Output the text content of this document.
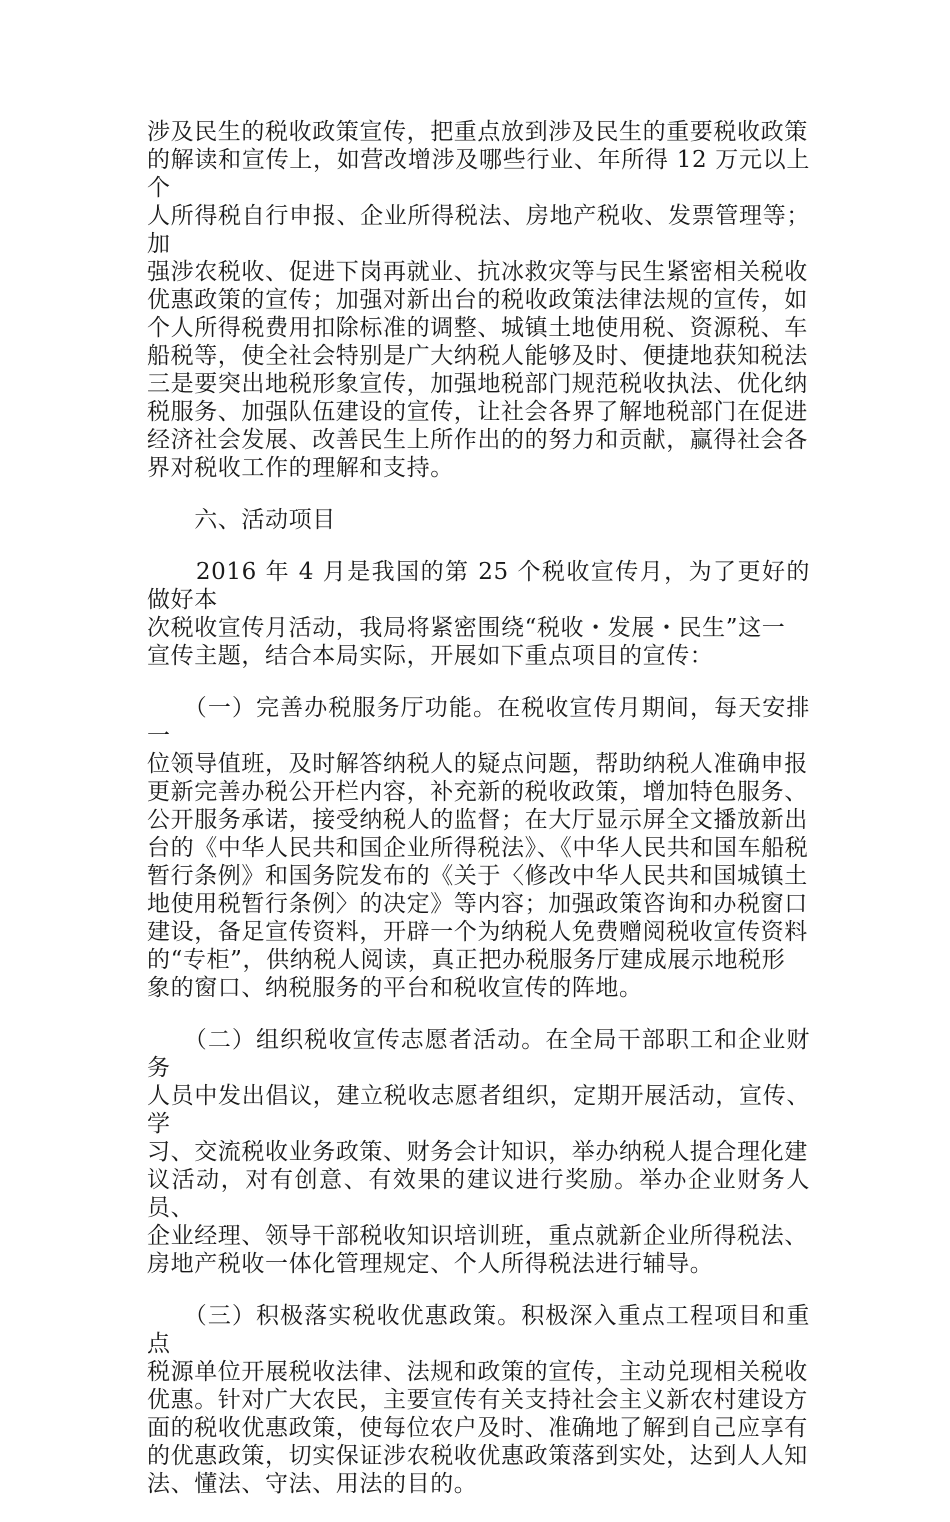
涉及民生的税收政策宣传，把重点放到涉及民生的重要税收政策
的解读和宣传上，如营改增涉及哪些行业、年所得 12 万元以上个
人所得税自行申报、企业所得税法、房地产税收、发票管理等；加
强涉农税收、促进下岗再就业、抗冰救灾等与民生紧密相关税收
优惠政策的宣传；加强对新出台的税收政策法律法规的宣传，如
个人所得税费用扣除标准的调整、城镇土地使用税、资源税、车
船税等，使全社会特别是广大纳税人能够及时、便捷地获知税法
三是要突出地税形象宣传，加强地税部门规范税收执法、优化纳
税服务、加强队伍建设的宣传，让社会各界了解地税部门在促进
经济社会发展、改善民生上所作出的的努力和贡献，赢得社会各
界对税收工作的理解和支持。

　　六、活动项目

　　2016 年 4 月是我国的第 25 个税收宣传月，为了更好的做好本
次税收宣传月活动，我局将紧密围绕“税收・发展・民生”这一
宣传主题，结合本局实际，开展如下重点项目的宣传：

　　（一）完善办税服务厅功能。在税收宣传月期间，每天安排一
位领导值班，及时解答纳税人的疑点问题，帮助纳税人准确申报
更新完善办税公开栏内容，补充新的税收政策，增加特色服务、
公开服务承诺，接受纳税人的监督；在大厅显示屏全文播放新出
台的《中华人民共和国企业所得税法》、《中华人民共和国车船税
暂行条例》和国务院发布的《关于〈修改中华人民共和国城镇土
地使用税暂行条例〉的决定》等内容；加强政策咨询和办税窗口
建设，备足宣传资料，开辟一个为纳税人免费赠阅税收宣传资料
的“专柜”，供纳税人阅读，真正把办税服务厅建成展示地税形
象的窗口、纳税服务的平台和税收宣传的阵地。

　　（二）组织税收宣传志愿者活动。在全局干部职工和企业财务
人员中发出倡议，建立税收志愿者组织，定期开展活动，宣传、学
习、交流税收业务政策、财务会计知识，举办纳税人提合理化建
议活动，对有创意、有效果的建议进行奖励。举办企业财务人员、
企业经理、领导干部税收知识培训班，重点就新企业所得税法、
房地产税收一体化管理规定、个人所得税法进行辅导。

　　（三）积极落实税收优惠政策。积极深入重点工程项目和重点
税源单位开展税收法律、法规和政策的宣传，主动兑现相关税收
优惠。针对广大农民，主要宣传有关支持社会主义新农村建设方
面的税收优惠政策，使每位农户及时、准确地了解到自己应享有
的优惠政策，切实保证涉农税收优惠政策落到实处，达到人人知
法、懂法、守法、用法的目的。
